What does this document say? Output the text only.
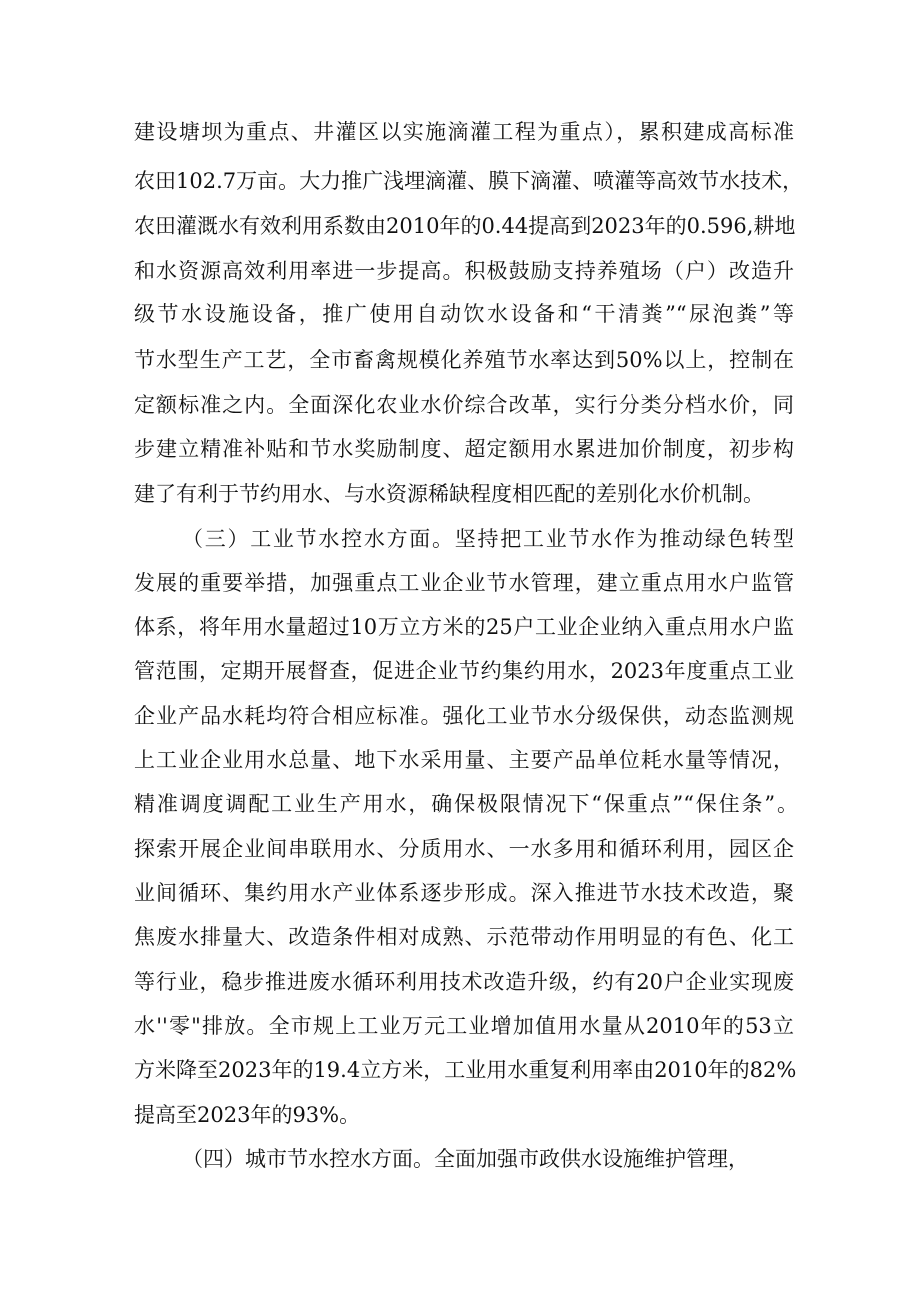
建设塘坝为重点、井灌区以实施滴灌工程为重点），累积建成高标准
农田102.7万亩。大力推广浅埋滴灌、膜下滴灌、喷灌等高效节水技术，
农田灌溉水有效利用系数由2010年的0.44提高到2023年的0.596,耕地
和水资源高效利用率进一步提高。积极鼓励支持养殖场（户）改造升
级节水设施设备，推广使用自动饮水设备和“干清粪”“尿泡粪”等
节水型生产工艺，全市畜禽规模化养殖节水率达到50%以上，控制在
定额标准之内。全面深化农业水价综合改革，实行分类分档水价，同
步建立精准补贴和节水奖励制度、超定额用水累进加价制度，初步构
建了有利于节约用水、与水资源稀缺程度相匹配的差别化水价机制。
（三）工业节水控水方面。坚持把工业节水作为推动绿色转型
发展的重要举措，加强重点工业企业节水管理，建立重点用水户监管
体系，将年用水量超过10万立方米的25户工业企业纳入重点用水户监
管范围，定期开展督查，促进企业节约集约用水，2023年度重点工业
企业产品水耗均符合相应标准。强化工业节水分级保供，动态监测规
上工业企业用水总量、地下水采用量、主要产品单位耗水量等情况，
精准调度调配工业生产用水，确保极限情况下“保重点”“保住条”。
探索开展企业间串联用水、分质用水、一水多用和循环利用，园区企
业间循环、集约用水产业体系逐步形成。深入推进节水技术改造，聚
焦废水排量大、改造条件相对成熟、示范带动作用明显的有色、化工
等行业，稳步推进废水循环利用技术改造升级，约有20户企业实现废
水''零"排放。全市规上工业万元工业增加值用水量从2010年的53立
方米降至2023年的19.4立方米，工业用水重复利用率由2010年的82%
提高至2023年的93%。
（四）城市节水控水方面。全面加强市政供水设施维护管理，
